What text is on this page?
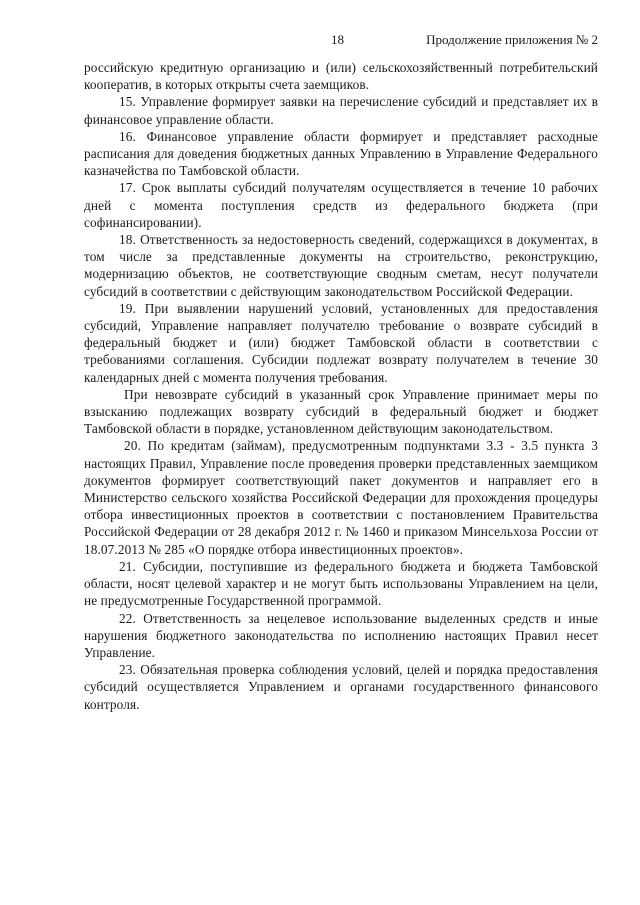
18	Продолжение приложения № 2

российскую кредитную организацию и (или) сельскохозяйственный потребительский кооператив, в которых открыты счета заемщиков.

15. Управление формирует заявки на перечисление субсидий и представляет их в финансовое управление области.

16. Финансовое управление области формирует и представляет расходные расписания для доведения бюджетных данных Управлению в Управление Федерального казначейства по Тамбовской области.

17. Срок выплаты субсидий получателям осуществляется в течение 10 рабочих дней с момента поступления средств из федерального бюджета (при софинансировании).

18. Ответственность за недостоверность сведений, содержащихся в документах, в том числе за представленные документы на строительство, реконструкцию, модернизацию объектов, не соответствующие сводным сметам, несут получатели субсидий в соответствии с действующим законодательством Российской Федерации.

19. При выявлении нарушений условий, установленных для предоставления субсидий, Управление направляет получателю требование о возврате субсидий в федеральный бюджет и (или) бюджет Тамбовской области в соответствии с требованиями соглашения. Субсидии подлежат возврату получателем в течение 30 календарных дней с момента получения требования.

При невозврате субсидий в указанный срок Управление принимает меры по взысканию подлежащих возврату субсидий в федеральный бюджет и бюджет Тамбовской области в порядке, установленном действующим законодательством.

20. По кредитам (займам), предусмотренным подпунктами 3.3 - 3.5 пункта 3 настоящих Правил, Управление после проведения проверки представленных заемщиком документов формирует соответствующий пакет документов и направляет его в Министерство сельского хозяйства Российской Федерации для прохождения процедуры отбора инвестиционных проектов в соответствии с постановлением Правительства Российской Федерации от 28 декабря 2012 г. № 1460 и приказом Минсельхоза России от 18.07.2013 № 285 «О порядке отбора инвестиционных проектов».

21. Субсидии, поступившие из федерального бюджета и бюджета Тамбовской области, носят целевой характер и не могут быть использованы Управлением на цели, не предусмотренные Государственной программой.

22. Ответственность за нецелевое использование выделенных средств и иные нарушения бюджетного законодательства по исполнению настоящих Правил несет Управление.

23. Обязательная проверка соблюдения условий, целей и порядка предоставления субсидий осуществляется Управлением и органами государственного финансового контроля.
